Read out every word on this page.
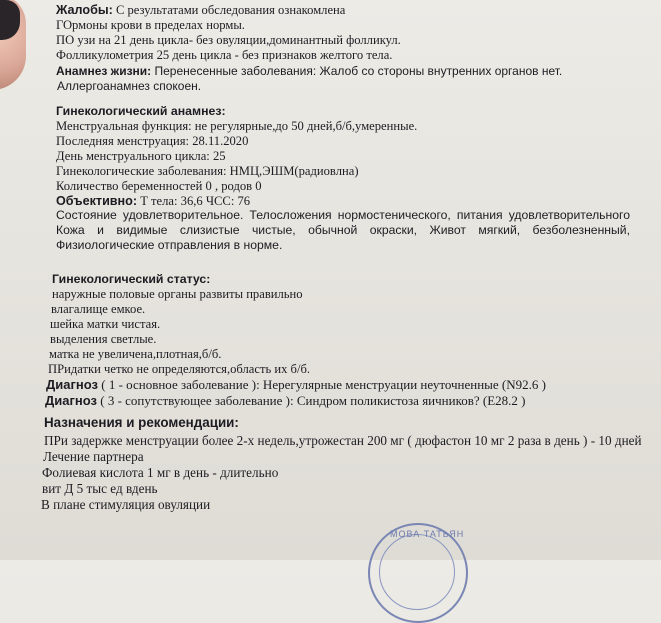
Жалобы: С результатами обследования ознакомлена
ГОрмоны крови в пределах нормы.
ПО узи на 21 день цикла- без овуляции,доминантный фолликул.
Фолликулометрия 25 день цикла - без признаков желтого тела.
Анамнез жизни: Перенесенные заболевания: Жалоб со стороны внутренних органов нет.
Аллергоанамнез спокоен.
Гинекологический анамнез:
Менструальная функция: не регулярные,до 50 дней,б/б,умеренные.
Последняя менструация: 28.11.2020
День менструального цикла: 25
Гинекологические заболевания: НМЦ,ЭШМ(радиовлна)
Количество беременностей 0 , родов 0
Объективно: Т тела: 36,6 ЧСС: 76
Состояние удовлетворительное. Телосложения нормостенического, питания удовлетворительного Кожа и видимые слизистые чистые, обычной окраски, Живот мягкий, безболезненный, Физиологические отправления в норме.
Гинекологический статус:
наружные половые органы развиты правильно
влагалище емкое.
шейка матки чистая.
выделения светлые.
матка не увеличена,плотная,б/б.
ПРидатки четко не определяются,область их б/б.
Диагноз ( 1 - основное заболевание ): Нерегулярные менструации неуточненные (N92.6 )
Диагноз ( 3 - сопутствующее заболевание ): Синдром поликистоза яичников? (E28.2 )
Назначения и рекомендации:
ПРи задержке менструации более 2-х недель,утрожестан 200 мг ( дюфастон 10 мг 2 раза в день ) - 10 дней
Лечение партнера
Фолиевая кислота 1 мг в день - длительно
вит Д 5 тыс ед вдень
В плане стимуляция овуляции
МОВА ТАТЬЯН
